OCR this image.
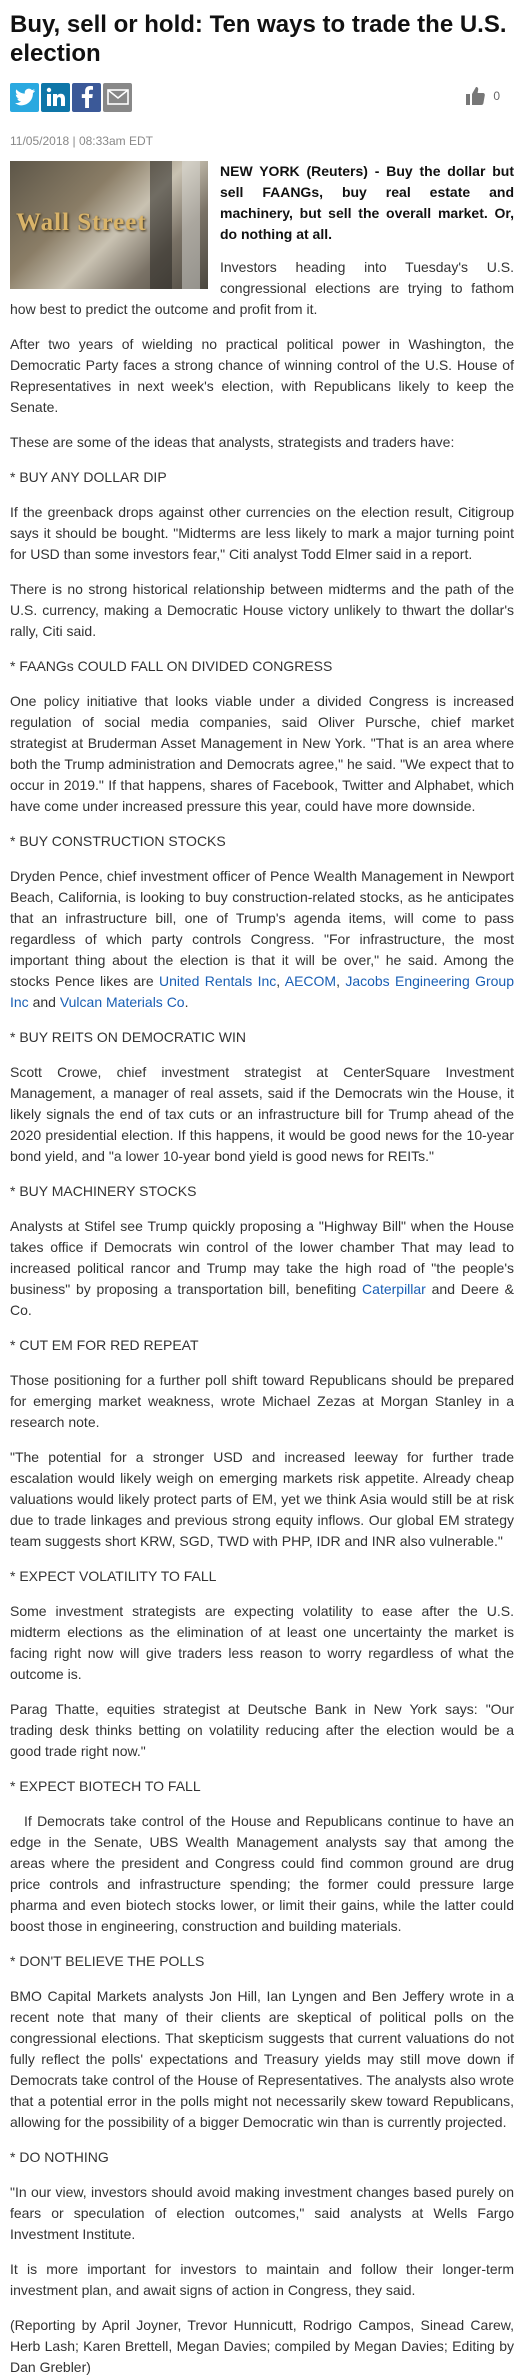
Buy, sell or hold: Ten ways to trade the U.S. election
0
11/05/2018 | 08:33am EDT
Wall Street

NEW YORK (Reuters) - Buy the dollar but sell FAANGs, buy real estate and machinery, but sell the overall market. Or, do nothing at all.

Investors heading into Tuesday's U.S. congressional elections are trying to fathom how best to predict the outcome and profit from it.

After two years of wielding no practical political power in Washington, the Democratic Party faces a strong chance of winning control of the U.S. House of Representatives in next week's election, with Republicans likely to keep the Senate.

These are some of the ideas that analysts, strategists and traders have:

* BUY ANY DOLLAR DIP

If the greenback drops against other currencies on the election result, Citigroup says it should be bought. "Midterms are less likely to mark a major turning point for USD than some investors fear," Citi analyst Todd Elmer said in a report.

There is no strong historical relationship between midterms and the path of the U.S. currency, making a Democratic House victory unlikely to thwart the dollar's rally, Citi said.

* FAANGs COULD FALL ON DIVIDED CONGRESS

One policy initiative that looks viable under a divided Congress is increased regulation of social media companies, said Oliver Pursche, chief market strategist at Bruderman Asset Management in New York. "That is an area where both the Trump administration and Democrats agree," he said. "We expect that to occur in 2019." If that happens, shares of Facebook, Twitter and Alphabet, which have come under increased pressure this year, could have more downside.

* BUY CONSTRUCTION STOCKS

Dryden Pence, chief investment officer of Pence Wealth Management in Newport Beach, California, is looking to buy construction-related stocks, as he anticipates that an infrastructure bill, one of Trump's agenda items, will come to pass regardless of which party controls Congress. "For infrastructure, the most important thing about the election is that it will be over," he said. Among the stocks Pence likes are United Rentals Inc, AECOM, Jacobs Engineering Group Inc and Vulcan Materials Co.

* BUY REITS ON DEMOCRATIC WIN

Scott Crowe, chief investment strategist at CenterSquare Investment Management, a manager of real assets, said if the Democrats win the House, it likely signals the end of tax cuts or an infrastructure bill for Trump ahead of the 2020 presidential election. If this happens, it would be good news for the 10-year bond yield, and "a lower 10-year bond yield is good news for REITs."

* BUY MACHINERY STOCKS

Analysts at Stifel see Trump quickly proposing a "Highway Bill" when the House takes office if Democrats win control of the lower chamber That may lead to increased political rancor and Trump may take the high road of "the people's business" by proposing a transportation bill, benefiting Caterpillar and Deere & Co.

* CUT EM FOR RED REPEAT

Those positioning for a further poll shift toward Republicans should be prepared for emerging market weakness, wrote Michael Zezas at Morgan Stanley in a research note.

"The potential for a stronger USD and increased leeway for further trade escalation would likely weigh on emerging markets risk appetite. Already cheap valuations would likely protect parts of EM, yet we think Asia would still be at risk due to trade linkages and previous strong equity inflows. Our global EM strategy team suggests short KRW, SGD, TWD with PHP, IDR and INR also vulnerable."

* EXPECT VOLATILITY TO FALL

Some investment strategists are expecting volatility to ease after the U.S. midterm elections as the elimination of at least one uncertainty the market is facing right now will give traders less reason to worry regardless of what the outcome is.

Parag Thatte, equities strategist at Deutsche Bank in New York says: "Our trading desk thinks betting on volatility reducing after the election would be a good trade right now."

* EXPECT BIOTECH TO FALL

If Democrats take control of the House and Republicans continue to have an edge in the Senate, UBS Wealth Management analysts say that among the areas where the president and Congress could find common ground are drug price controls and infrastructure spending; the former could pressure large pharma and even biotech stocks lower, or limit their gains, while the latter could boost those in engineering, construction and building materials.

* DON'T BELIEVE THE POLLS

BMO Capital Markets analysts Jon Hill, Ian Lyngen and Ben Jeffery wrote in a recent note that many of their clients are skeptical of political polls on the congressional elections. That skepticism suggests that current valuations do not fully reflect the polls' expectations and Treasury yields may still move down if Democrats take control of the House of Representatives. The analysts also wrote that a potential error in the polls might not necessarily skew toward Republicans, allowing for the possibility of a bigger Democratic win than is currently projected.

* DO NOTHING

"In our view, investors should avoid making investment changes based purely on fears or speculation of election outcomes," said analysts at Wells Fargo Investment Institute.

It is more important for investors to maintain and follow their longer-term investment plan, and await signs of action in Congress, they said.

(Reporting by April Joyner, Trevor Hunnicutt, Rodrigo Campos, Sinead Carew, Herb Lash; Karen Brettell, Megan Davies; compiled by Megan Davies; Editing by Dan Grebler)
